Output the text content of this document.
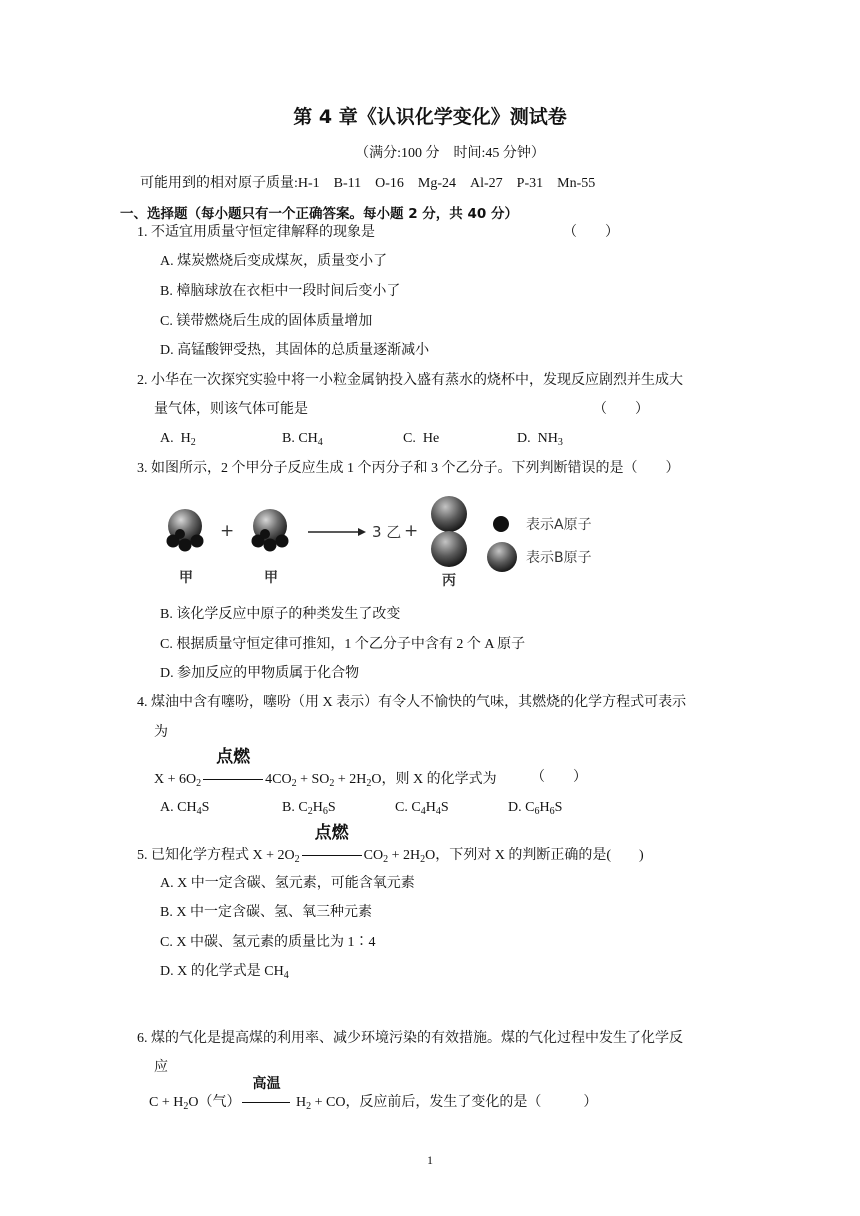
第 4 章《认识化学变化》测试卷
（满分:100 分　时间:45 分钟）
可能用到的相对原子质量:H-1　B-11　O-16　Mg-24　Al-27　P-31　Mn-55
一、选择题（每小题只有一个正确答案。每小题 2 分，共 40 分）
1. 不适宜用质量守恒定律解释的现象是	（　　）
A. 煤炭燃烧后变成煤灰，质量变小了
B. 樟脑球放在衣柜中一段时间后变小了
C. 镁带燃烧后生成的固体质量增加
D. 高锰酸钾受热，其固体的总质量逐渐减小
2. 小华在一次探究实验中将一小粒金属钠投入盛有蒸水的烧杯中，发现反应剧烈并生成大
量气体，则该气体可能是	（　　）
A.  $H_2$	B. $CH_4$	C.  He	D.  $NH_3$
3. 如图所示，2 个甲分子反应生成 1 个丙分子和 3 个乙分子。下列判断错误的是（　　）
+	3 乙 +	表示A原子
表示B原子
甲	甲	丙
B. 该化学反应中原子的种类发生了改变
C. 根据质量守恒定律可推知，1 个乙分子中含有 2 个 A 原子
D. 参加反应的甲物质属于化合物
4. 煤油中含有噻吩，噻吩（用 X 表示）有令人不愉快的气味，其燃烧的化学方程式可表示
为
$X + 6O_2$
点燃
$4CO_2 + SO_2 + 2H_2O$，则 X 的化学式为 （　　）
A. $CH_4S$	B. $C_2H_6S$	C. $C_4H_4S$	D. $C_6H_6S$
5. 已知化学方程式 $X + 2O_2$
点燃
$CO_2 + 2H_2O$，下列对 X 的判断正确的是(　　)
A. X 中一定含碳、氢元素，可能含氧元素
B. X 中一定含碳、氢、氧三种元素
C. X 中碳、氢元素的质量比为 1∶4
D. X 的化学式是 $CH_4$
6. 煤的气化是提高煤的利用率、减少环境污染的有效措施。煤的气化过程中发生了化学反
应
$C + H_2O$（气）
高温
$H_2$ + CO，反应前后，发生了变化的是（　　　）
1
